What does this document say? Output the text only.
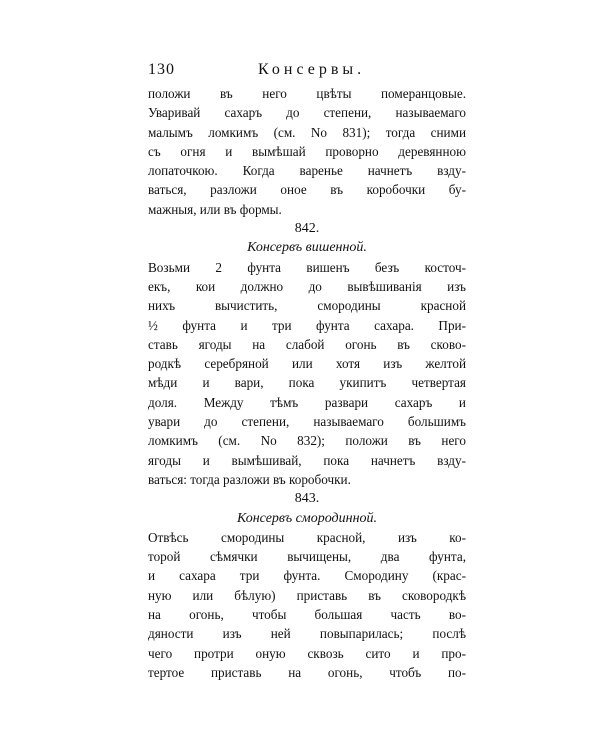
130	Консервы.
положи въ него цвѣты померанцовые.
Уваривай сахаръ до степени, называемаго
малымъ ломкимъ (см. No 831); тогда сними
съ огня и вымѣшай проворно деревянною
лопаточкою. Когда варенье начнетъ взду-
ваться, разложи оное въ коробочки бу-
мажныя, или въ формы.

842.

Консервъ вишенной.

Возьми 2 фунта вишенъ безъ косточ-
екъ, кои должно до вывѣшиванія изъ
нихъ вычистить, смородины красной
½ фунта и три фунта сахара. При-
ставь ягоды на слабой огонь въ сково-
родкѣ серебряной или хотя изъ желтой
мѣди и вари, пока укипитъ четвертая
доля. Между тѣмъ развари сахаръ и
увари до степени, называемаго большимъ
ломкимъ (см. No 832); положи въ него
ягоды и вымѣшивай, пока начнетъ взду-
ваться: тогда разложи въ коробочки.

843.

Консервъ смородинной.

Отвѣсь смородины красной, изъ ко-
торой сѣмячки вычищены, два фунта,
и сахара три фунта. Смородину (крас-
ную или бѣлую) приставь въ сковородкѣ
на огонь, чтобы большая часть во-
дяности изъ ней повыпарилась; послѣ
чего протри оную сквозь сито и про-
тертое приставь на огонь, чтобъ по-
